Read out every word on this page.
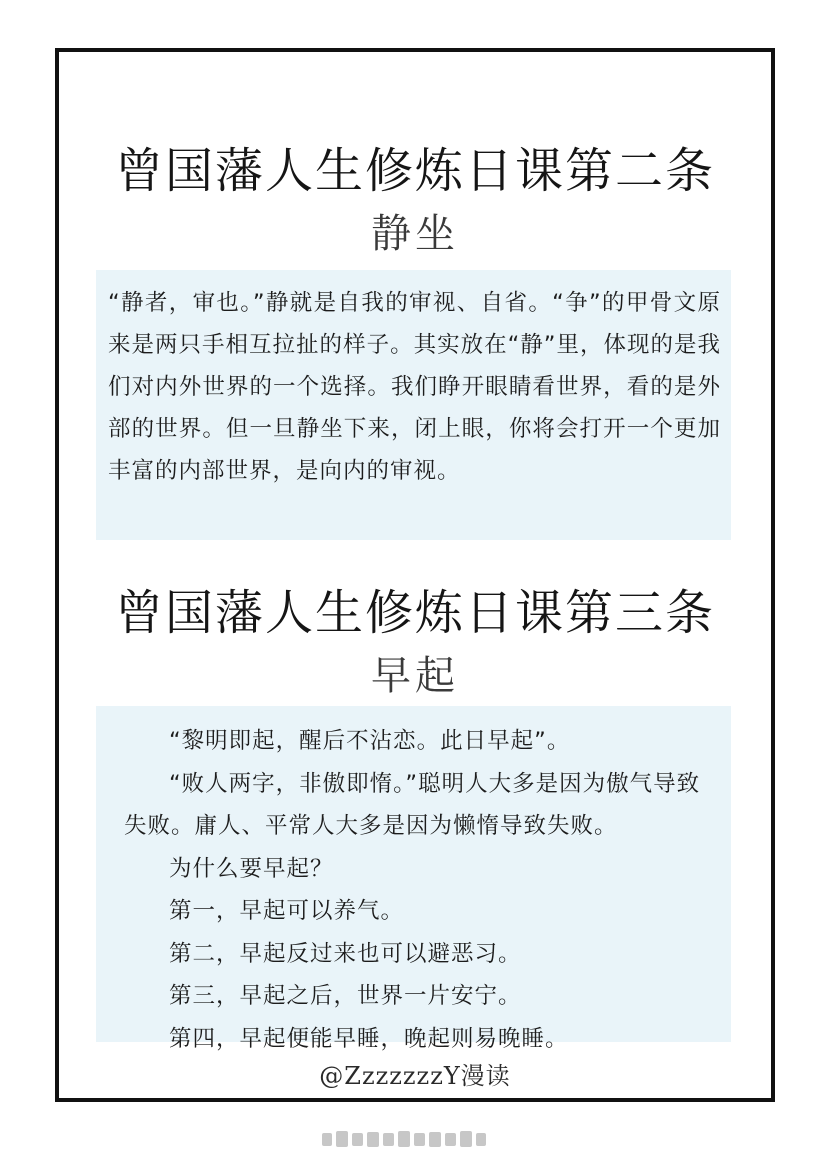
曾国藩人生修炼日课第二条
静坐

“静者，审也。”静就是自我的审视、自省。“争”的甲骨文原来是两只手相互拉扯的样子。其实放在“静”里，体现的是我们对内外世界的一个选择。我们睁开眼睛看世界，看的是外部的世界。但一旦静坐下来，闭上眼，你将会打开一个更加丰富的内部世界，是向内的审视。

曾国藩人生修炼日课第三条
早起

“黎明即起，醒后不沾恋。此日早起”。

“败人两字，非傲即惰。”聪明人大多是因为傲气导致失败。庸人、平常人大多是因为懒惰导致失败。

为什么要早起？

第一，早起可以养气。

第二，早起反过来也可以避恶习。

第三，早起之后，世界一片安宁。

第四，早起便能早睡，晚起则易晚睡。

@ZzzzzzzY漫读
